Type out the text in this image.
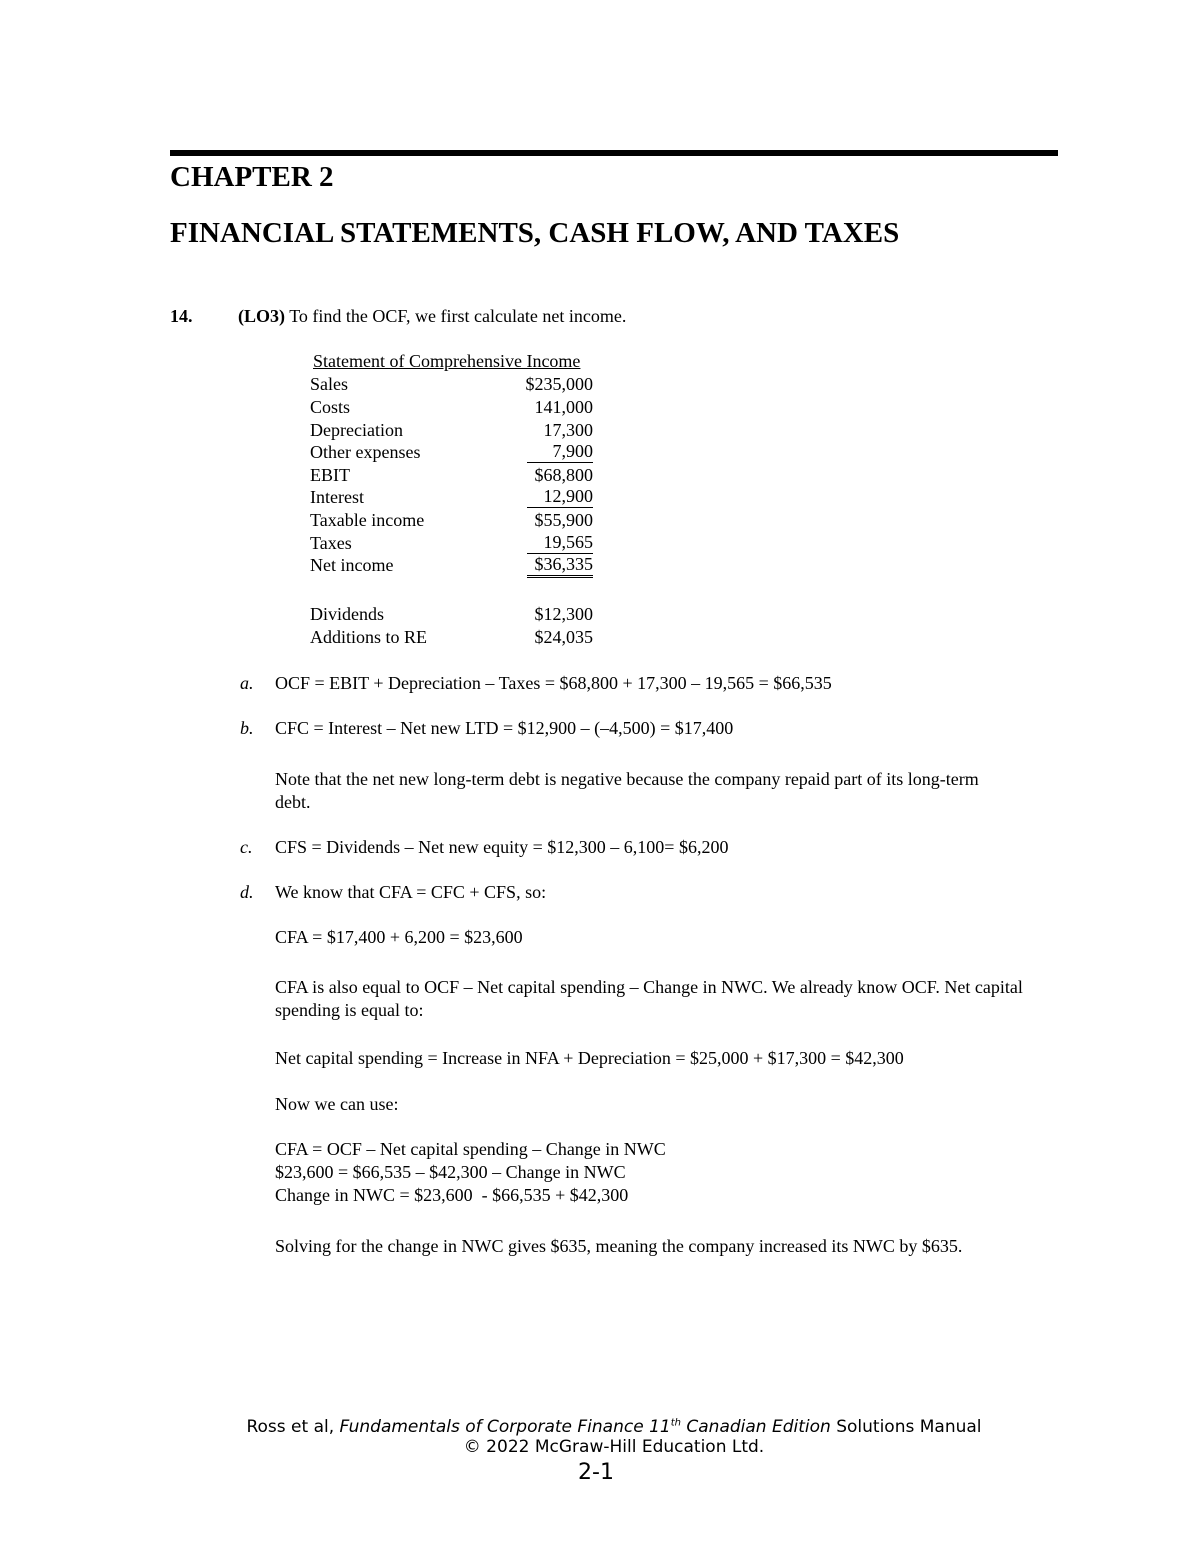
CHAPTER 2
FINANCIAL STATEMENTS, CASH FLOW, AND TAXES
14.	(LO3) To find the OCF, we first calculate net income.
Statement of Comprehensive Income
Sales	$235,000
Costs	141,000
Depreciation	17,300
Other expenses	7,900
EBIT	$68,800
Interest	12,900
Taxable income	$55,900
Taxes	19,565
Net income	$36,335
Dividends	$12,300
Additions to RE	$24,035
a. OCF = EBIT + Depreciation – Taxes = $68,800 + 17,300 – 19,565 = $66,535
b. CFC = Interest – Net new LTD = $12,900 – (–4,500) = $17,400
Note that the net new long-term debt is negative because the company repaid part of its long-term debt.
c. CFS = Dividends – Net new equity = $12,300 – 6,100= $6,200
d. We know that CFA = CFC + CFS, so:
CFA = $17,400 + 6,200 = $23,600
CFA is also equal to OCF – Net capital spending – Change in NWC. We already know OCF. Net capital spending is equal to:
Net capital spending = Increase in NFA + Depreciation = $25,000 + $17,300 = $42,300
Now we can use:
CFA = OCF – Net capital spending – Change in NWC
$23,600 = $66,535 – $42,300 – Change in NWC
Change in NWC = $23,600  - $66,535 + $42,300
Solving for the change in NWC gives $635, meaning the company increased its NWC by $635.
Ross et al, Fundamentals of Corporate Finance 11th Canadian Edition Solutions Manual
© 2022 McGraw-Hill Education Ltd.
2-1
